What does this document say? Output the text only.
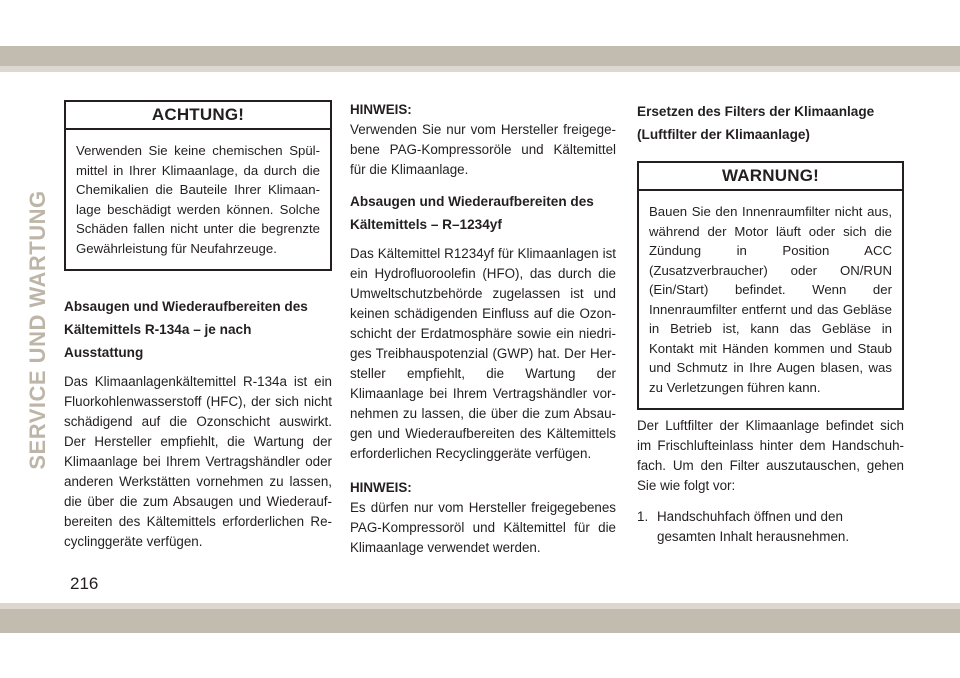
SERVICE UND WARTUNG
ACHTUNG!
Verwenden Sie keine chemischen Spülmittel in Ihrer Klimaanlage, da durch die Chemikalien die Bauteile Ihrer Klimaanlage beschädigt werden können. Solche Schäden fallen nicht unter die begrenzte Gewährleistung für Neufahrzeuge.

Absaugen und Wiederaufbereiten des Kältemittels R-134a – je nach Ausstattung

Das Klimaanlagenkältemittel R-134a ist ein Fluorkohlenwasserstoff (HFC), der sich nicht schädigend auf die Ozonschicht auswirkt. Der Hersteller empfiehlt, die Wartung der Klimaanlage bei Ihrem Vertragshändler oder anderen Werkstätten vornehmen zu lassen, die über die zum Absaugen und Wiederaufbereiten des Kältemittels erforderlichen Recyclinggeräte verfügen.

HINWEIS:

Verwenden Sie nur vom Hersteller freigegebene PAG-Kompressoröle und Kältemittel für die Klimaanlage.

Absaugen und Wiederaufbereiten des Kältemittels – R–1234yf

Das Kältemittel R1234yf für Klimaanlagen ist ein Hydrofluoroolefin (HFO), das durch die Umweltschutzbehörde zugelassen ist und keinen schädigenden Einfluss auf die Ozonschicht der Erdatmosphäre sowie ein niedriges Treibhauspotenzial (GWP) hat. Der Hersteller empfiehlt, die Wartung der Klimaanlage bei Ihrem Vertragshändler vornehmen zu lassen, die über die zum Absaugen und Wiederaufbereiten des Kältemittels erforderlichen Recyclinggeräte verfügen.

HINWEIS:

Es dürfen nur vom Hersteller freigegebenes PAG-Kompressoröl und Kältemittel für die Klimaanlage verwendet werden.

Ersetzen des Filters der Klimaanlage (Luftfilter der Klimaanlage)

WARNUNG!
Bauen Sie den Innenraumfilter nicht aus, während der Motor läuft oder sich die Zündung in Position ACC (Zusatzverbraucher) oder ON/RUN (Ein/Start) befindet. Wenn der Innenraumfilter entfernt und das Gebläse in Betrieb ist, kann das Gebläse in Kontakt mit Händen kommen und Staub und Schmutz in Ihre Augen blasen, was zu Verletzungen führen kann.

Der Luftfilter der Klimaanlage befindet sich im Frischlufteinlass hinter dem Handschuhfach. Um den Filter auszutauschen, gehen Sie wie folgt vor:

1. Handschuhfach öffnen und den gesamten Inhalt herausnehmen.
216
